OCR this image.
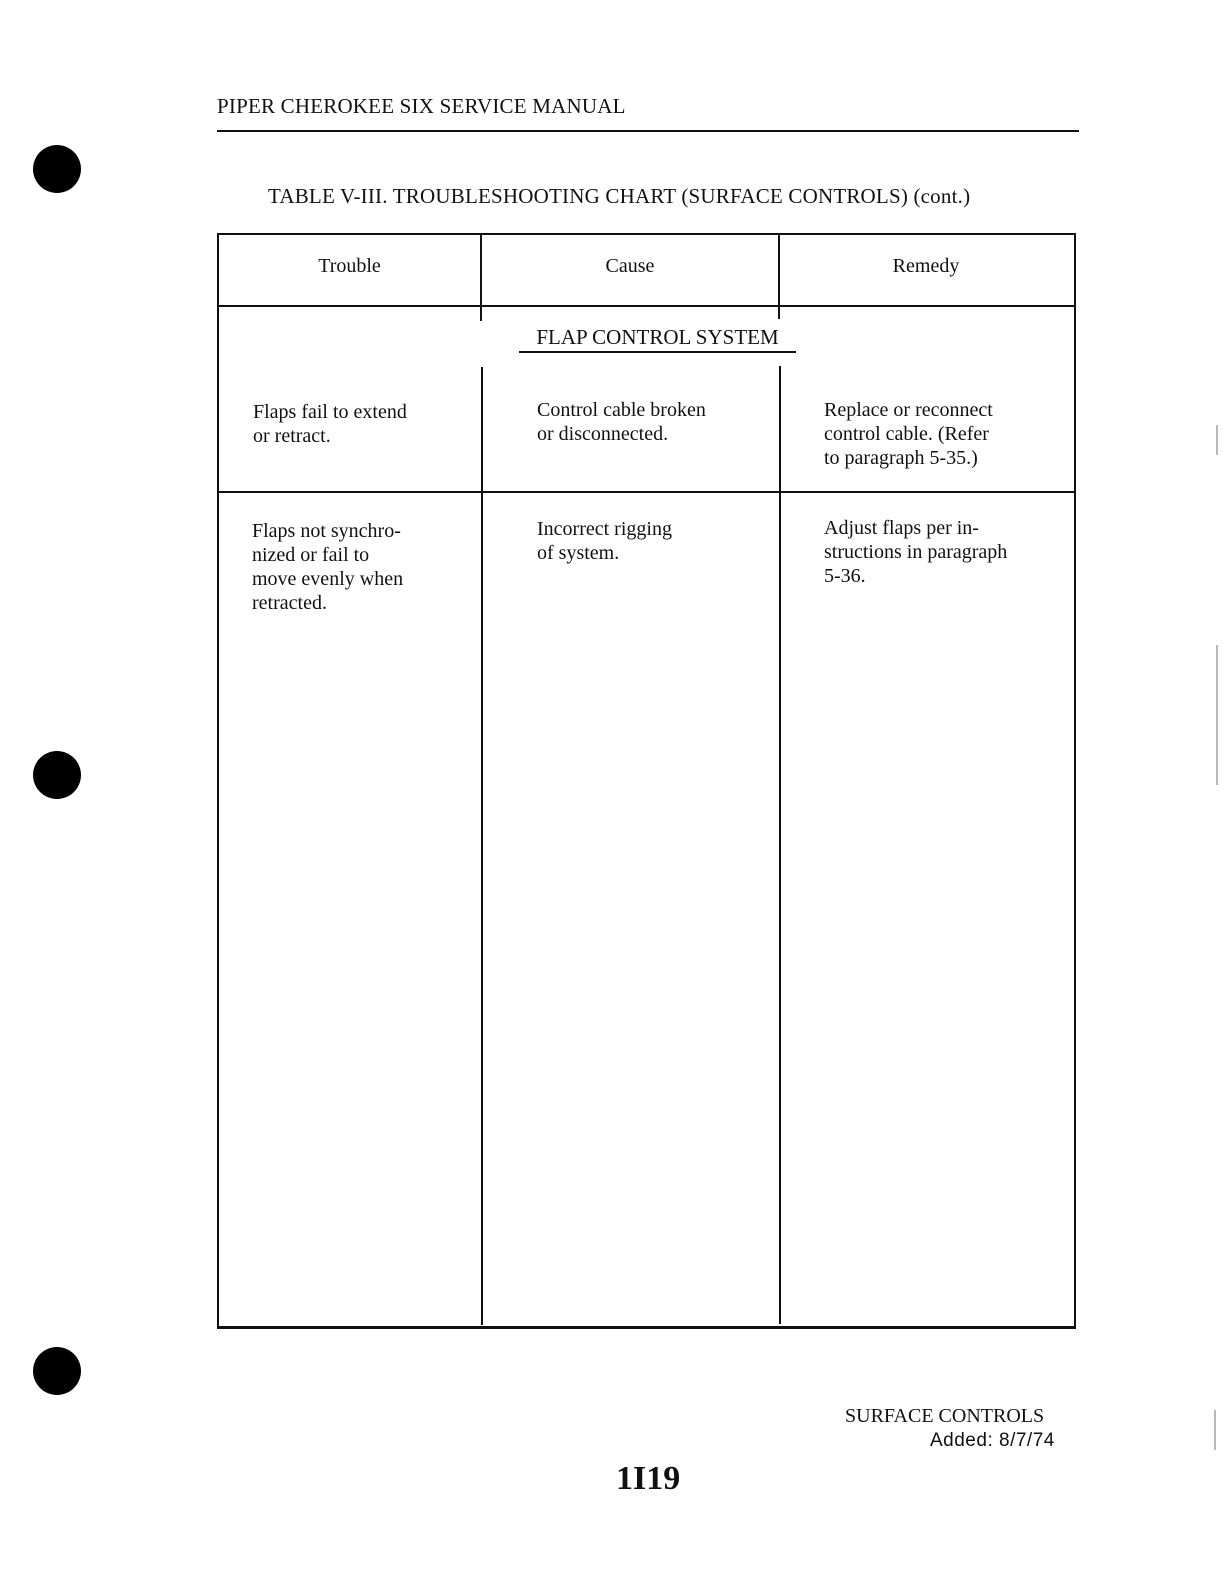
PIPER CHEROKEE SIX SERVICE MANUAL
TABLE V-III. TROUBLESHOOTING CHART (SURFACE CONTROLS) (cont.)
Trouble	Cause	Remedy
FLAP CONTROL SYSTEM
Flaps fail to extend
or retract.
Control cable broken
or disconnected.
Replace or reconnect
control cable. (Refer
to paragraph 5-35.)
Flaps not synchro-
nized or fail to
move evenly when
retracted.
Incorrect rigging
of system.
Adjust flaps per in-
structions in paragraph
5-36.
SURFACE CONTROLS
Added: 8/7/74
1I19
